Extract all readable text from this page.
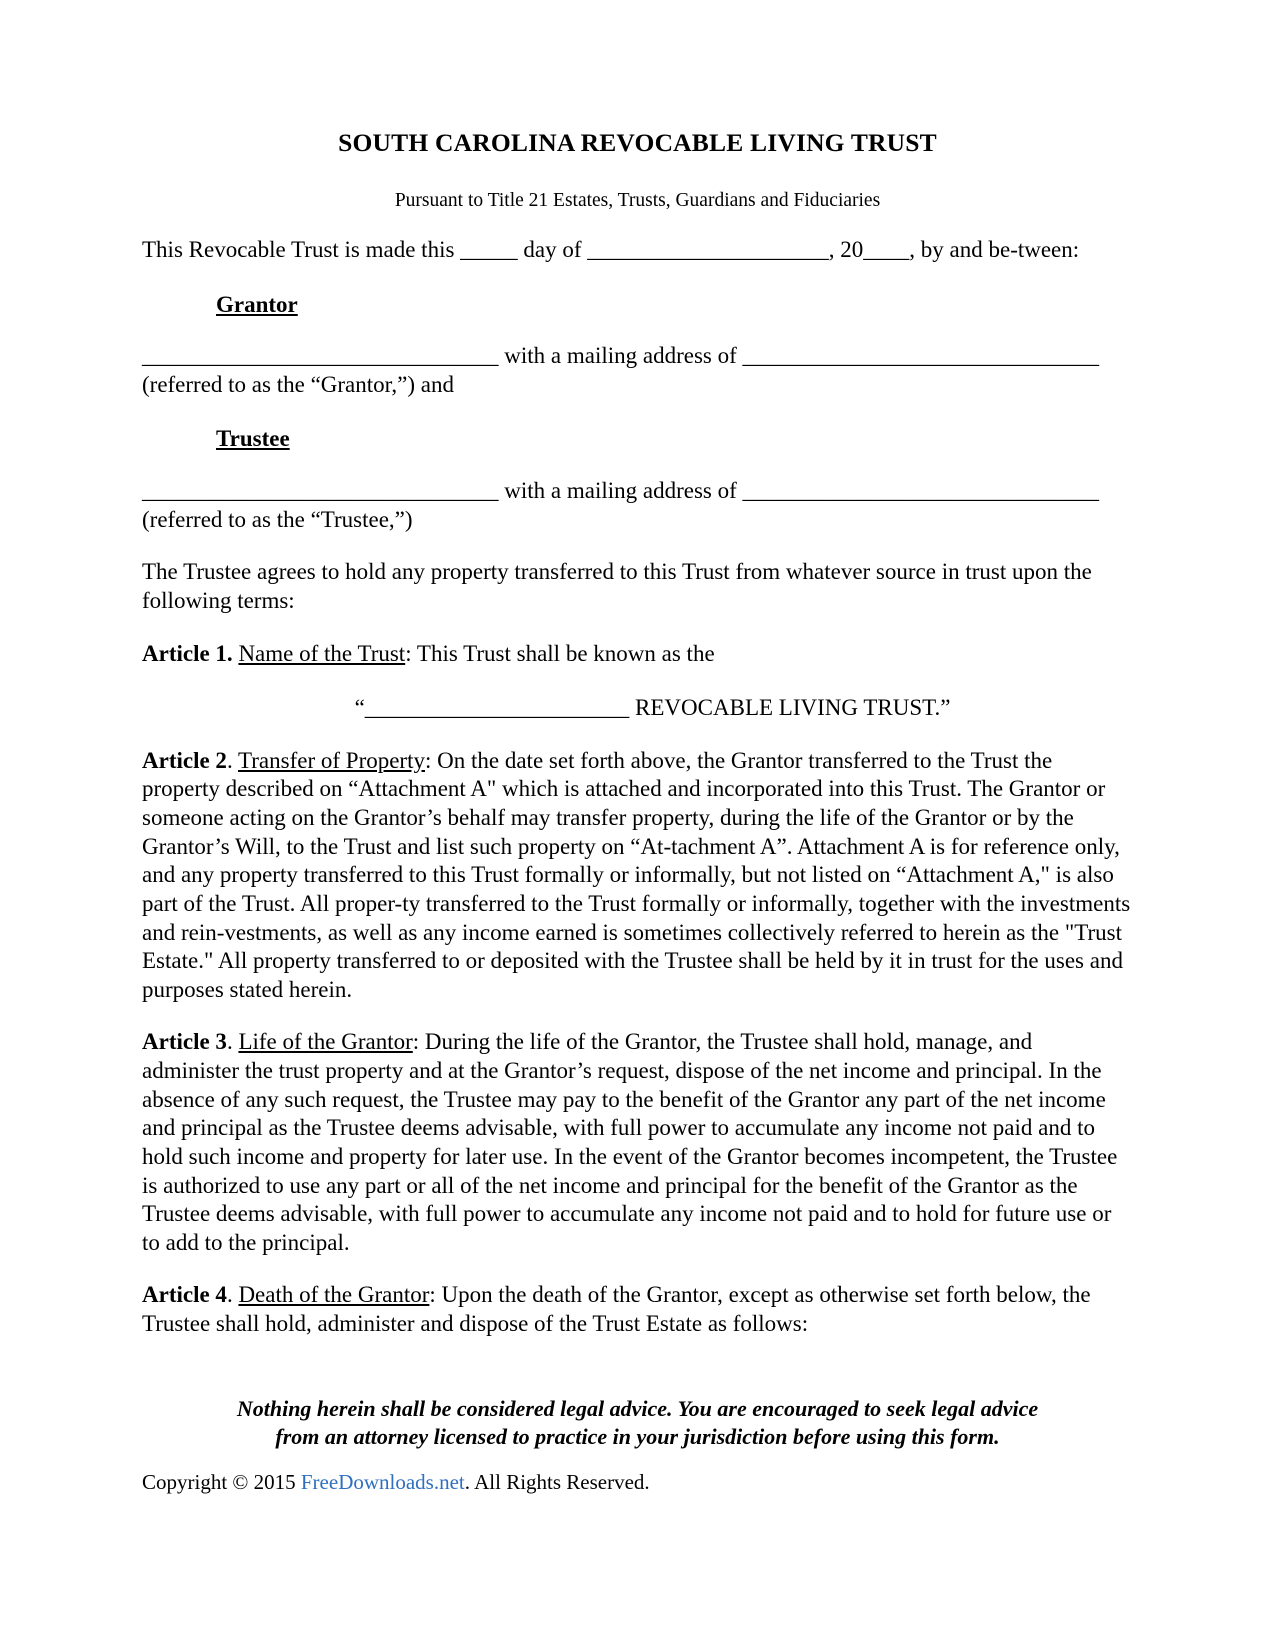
SOUTH CAROLINA REVOCABLE LIVING TRUST
Pursuant to Title 21 Estates, Trusts, Guardians and Fiduciaries

This Revocable Trust is made this _____ day of _____________________, 20____, by and be-tween:

Grantor

_______________________________ with a mailing address of _______________________________
(referred to as the “Grantor,”) and

Trustee

_______________________________ with a mailing address of _______________________________
(referred to as the “Trustee,”)

The Trustee agrees to hold any property transferred to this Trust from whatever source in trust upon the following terms:

Article 1. Name of the Trust: This Trust shall be known as the

“_______________________ REVOCABLE LIVING TRUST.”

Article 2. Transfer of Property: On the date set forth above, the Grantor transferred to the Trust the property described on “Attachment A" which is attached and incorporated into this Trust. The Grantor or someone acting on the Grantor’s behalf may transfer property, during the life of the Grantor or by the Grantor’s Will, to the Trust and list such property on “At-tachment A”. Attachment A is for reference only, and any property transferred to this Trust formally or informally, but not listed on “Attachment A," is also part of the Trust. All proper-ty transferred to the Trust formally or informally, together with the investments and rein-vestments, as well as any income earned is sometimes collectively referred to herein as the "Trust Estate." All property transferred to or deposited with the Trustee shall be held by it in trust for the uses and purposes stated herein.

Article 3. Life of the Grantor: During the life of the Grantor, the Trustee shall hold, manage, and administer the trust property and at the Grantor’s request, dispose of the net income and principal. In the absence of any such request, the Trustee may pay to the benefit of the Grantor any part of the net income and principal as the Trustee deems advisable, with full power to accumulate any income not paid and to hold such income and property for later use. In the event of the Grantor becomes incompetent, the Trustee is authorized to use any part or all of the net income and principal for the benefit of the Grantor as the Trustee deems advisable, with full power to accumulate any income not paid and to hold for future use or to add to the principal.

Article 4. Death of the Grantor: Upon the death of the Grantor, except as otherwise set forth below, the Trustee shall hold, administer and dispose of the Trust Estate as follows:

Nothing herein shall be considered legal advice. You are encouraged to seek legal advice
from an attorney licensed to practice in your jurisdiction before using this form.
Copyright © 2015 FreeDownloads.net. All Rights Reserved.
